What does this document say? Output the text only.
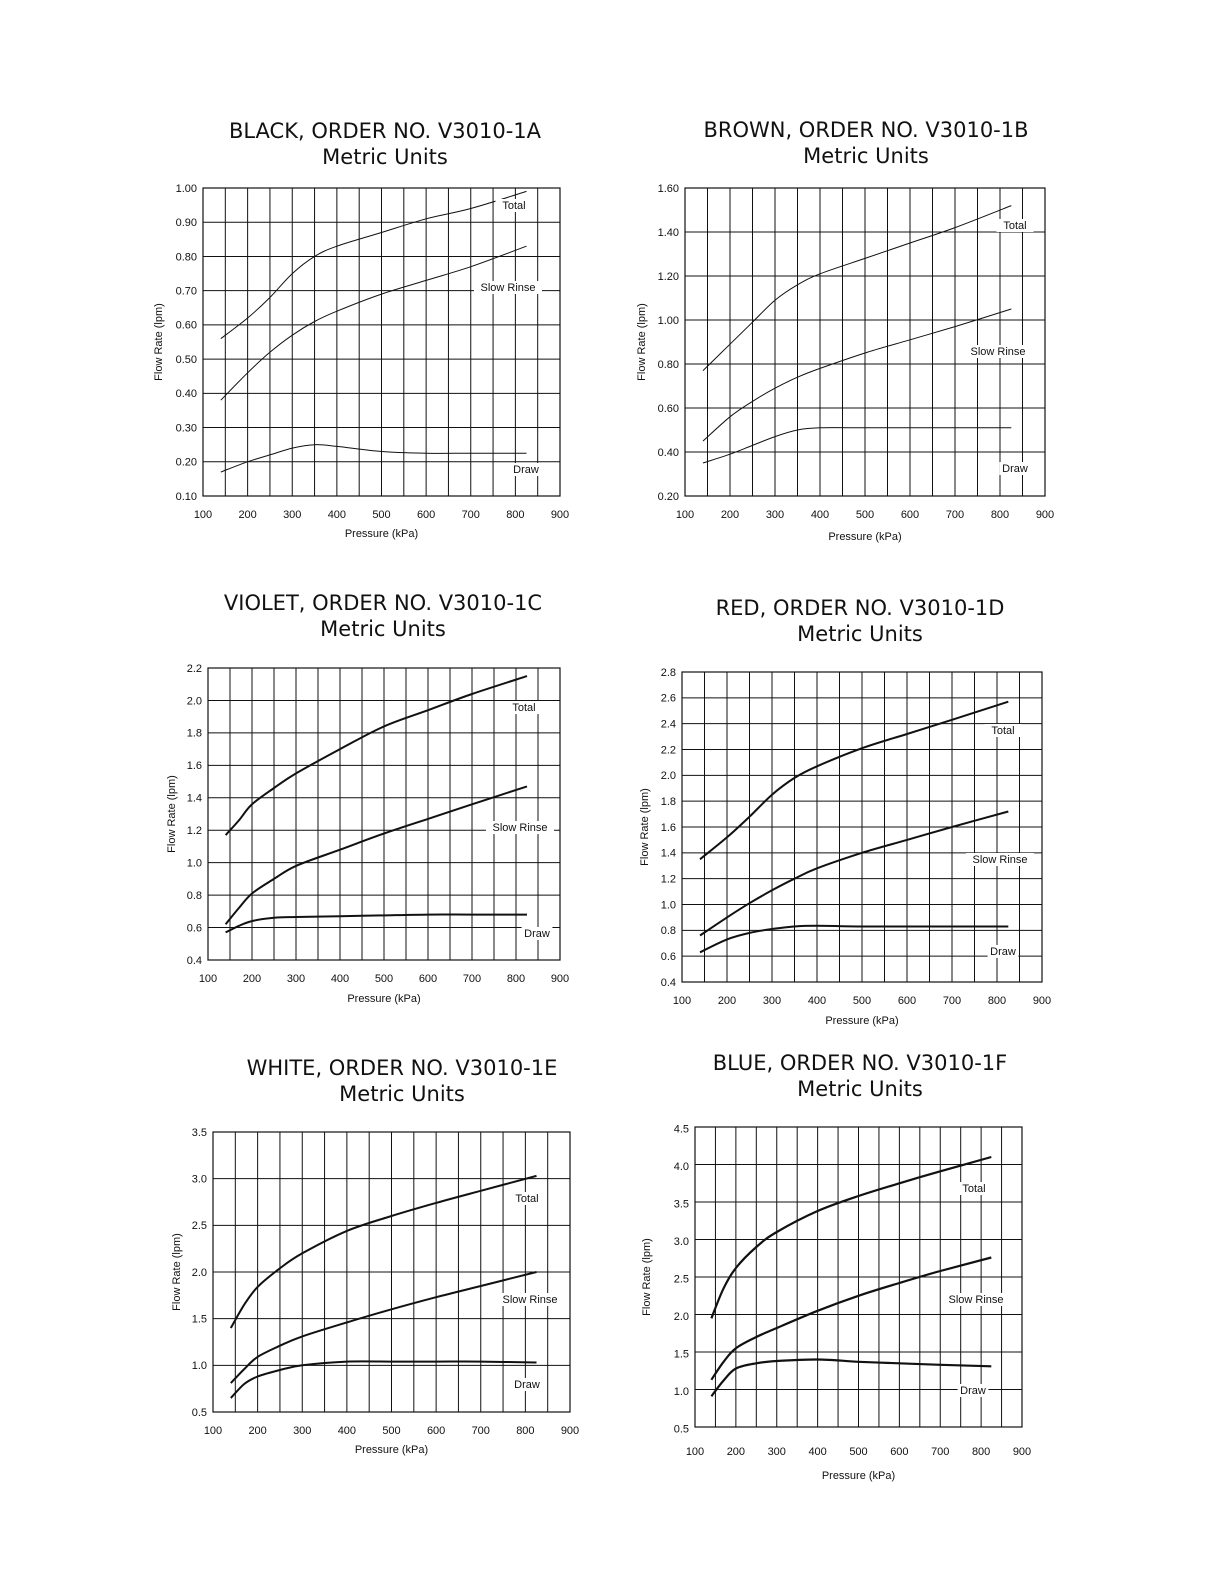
BLACK, ORDER NO. V3010-1A
Metric Units
100 200 300 400 500 600 700 800 900
0.10
0.20
0.30
0.40
0.50
0.60
0.70
0.80
0.90
1.00
Pressure (kPa)
Flow Rate (lpm)
Total
Slow Rinse
Draw
BROWN, ORDER NO. V3010-1B
Metric Units
100 200 300 400 500 600 700 800 900
0.20
0.40
0.60
0.80
1.00
1.20
1.40
1.60
Pressure (kPa)
Flow Rate (lpm)
Total
Slow Rinse
Draw
VIOLET, ORDER NO. V3010-1C
Metric Units
100 200 300 400 500 600 700 800 900
0.4
0.6
0.8
1.0
1.2
1.4
1.6
1.8
2.0
2.2
Pressure (kPa)
Flow Rate (lpm)
Total
Slow Rinse
Draw
RED, ORDER NO. V3010-1D
Metric Units
100 200 300 400 500 600 700 800 900
0.4
0.6
0.8
1.0
1.2
1.4
1.6
1.8
2.0
2.2
2.4
2.6
2.8
Pressure (kPa)
Flow Rate (lpm)
Total
Slow Rinse
Draw
WHITE, ORDER NO. V3010-1E
Metric Units
100 200 300 400 500 600 700 800 900
0.5
1.0
1.5
2.0
2.5
3.0
3.5
Pressure (kPa)
Flow Rate (lpm)
Total
Slow Rinse
Draw
BLUE, ORDER NO. V3010-1F
Metric Units
100 200 300 400 500 600 700 800 900
0.5
1.0
1.5
2.0
2.5
3.0
3.5
4.0
4.5
Pressure (kPa)
Flow Rate (lpm)
Total
Slow Rinse
Draw
